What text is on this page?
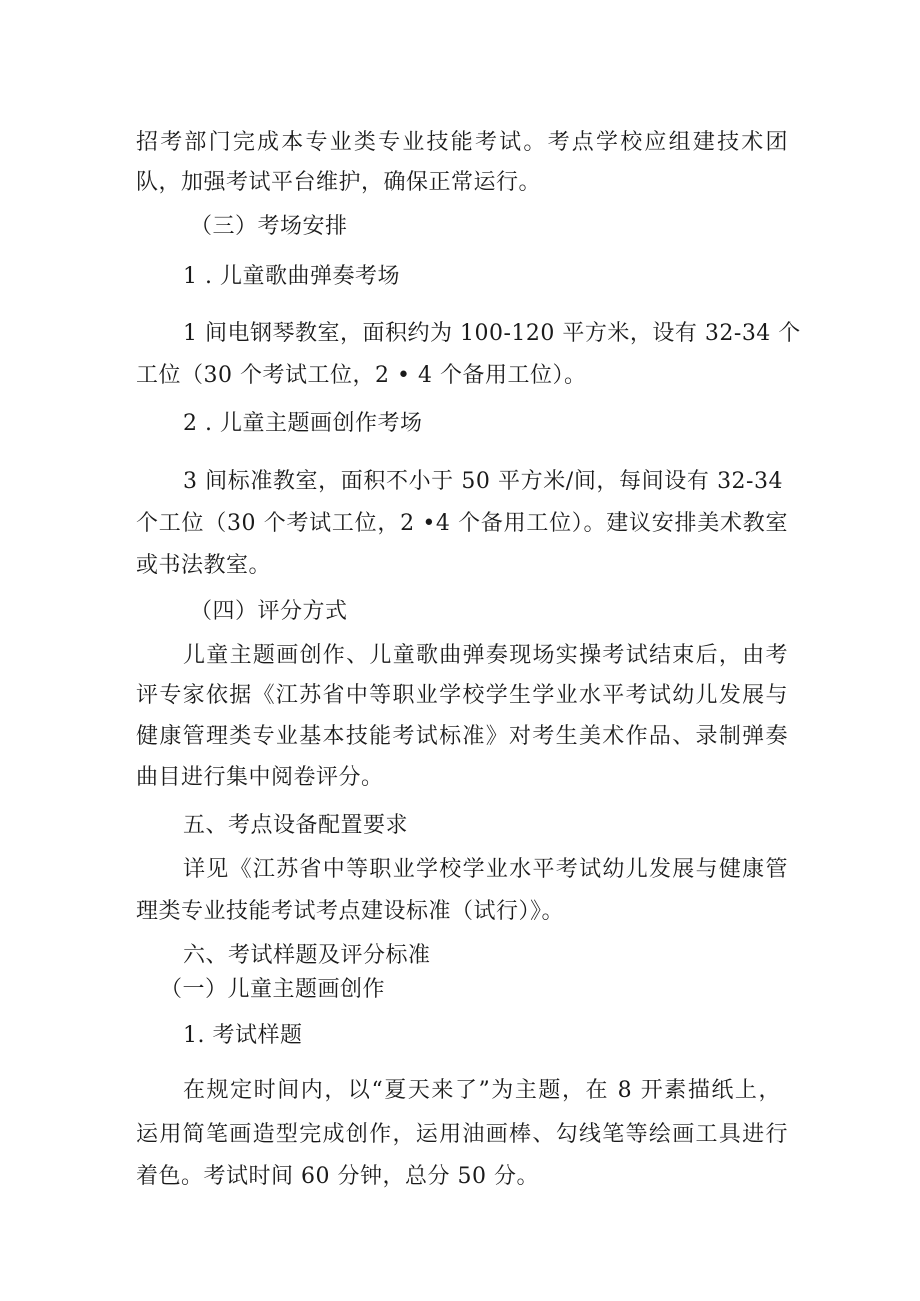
招考部门完成本专业类专业技能考试。考点学校应组建技术团
队，加强考试平台维护，确保正常运行。
（三）考场安排
1 . 儿童歌曲弹奏考场
1 间电钢琴教室，面积约为 100-120 平方米，设有 32-34 个
工位（30 个考试工位，2 • 4 个备用工位）。
2 . 儿童主题画创作考场
3 间标准教室，面积不小于 50 平方米/间，每间设有 32-34
个工位（30 个考试工位，2 •4 个备用工位）。建议安排美术教室
或书法教室。
（四）评分方式
儿童主题画创作、儿童歌曲弹奏现场实操考试结束后，由考
评专家依据《江苏省中等职业学校学生学业水平考试幼儿发展与
健康管理类专业基本技能考试标准》对考生美术作品、录制弹奏
曲目进行集中阅卷评分。
五、考点设备配置要求
详见《江苏省中等职业学校学业水平考试幼儿发展与健康管
理类专业技能考试考点建设标准（试行）》。
六、考试样题及评分标准
（一）儿童主题画创作
1. 考试样题
在规定时间内，以“夏天来了”为主题，在 8 开素描纸上，
运用简笔画造型完成创作，运用油画棒、勾线笔等绘画工具进行
着色。考试时间 60 分钟，总分 50 分。
